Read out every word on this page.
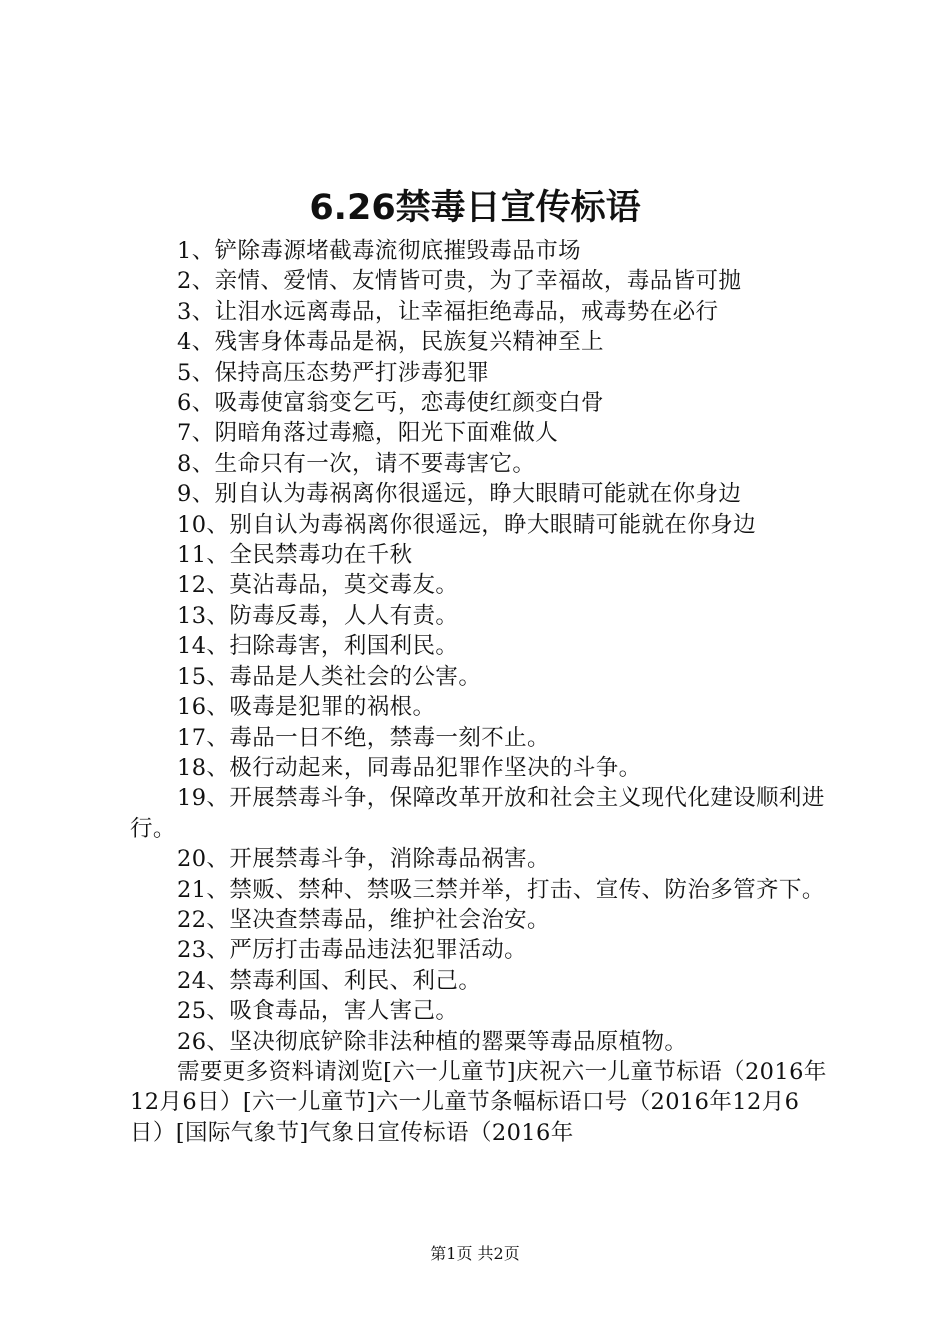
6.26禁毒日宣传标语
1、铲除毒源堵截毒流彻底摧毁毒品市场
2、亲情、爱情、友情皆可贵，为了幸福故，毒品皆可抛
3、让泪水远离毒品，让幸福拒绝毒品，戒毒势在必行
4、残害身体毒品是祸，民族复兴精神至上
5、保持高压态势严打涉毒犯罪
6、吸毒使富翁变乞丐，恋毒使红颜变白骨
7、阴暗角落过毒瘾，阳光下面难做人
8、生命只有一次，请不要毒害它。
9、别自认为毒祸离你很遥远，睁大眼睛可能就在你身边
10、别自认为毒祸离你很遥远，睁大眼睛可能就在你身边
11、全民禁毒功在千秋
12、莫沾毒品，莫交毒友。
13、防毒反毒，人人有责。
14、扫除毒害，利国利民。
15、毒品是人类社会的公害。
16、吸毒是犯罪的祸根。
17、毒品一日不绝，禁毒一刻不止。
18、极行动起来，同毒品犯罪作坚决的斗争。
19、开展禁毒斗争，保障改革开放和社会主义现代化建设顺利进行。
20、开展禁毒斗争，消除毒品祸害。
21、禁贩、禁种、禁吸三禁并举，打击、宣传、防治多管齐下。
22、坚决查禁毒品，维护社会治安。
23、严厉打击毒品违法犯罪活动。
24、禁毒利国、利民、利己。
25、吸食毒品，害人害己。
26、坚决彻底铲除非法种植的罂粟等毒品原植物。
需要更多资料请浏览[六一儿童节]庆祝六一儿童节标语（2016年12月6日）[六一儿童节]六一儿童节条幅标语口号（2016年12月6日）[国际气象节]气象日宣传标语（2016年
第1页 共2页
